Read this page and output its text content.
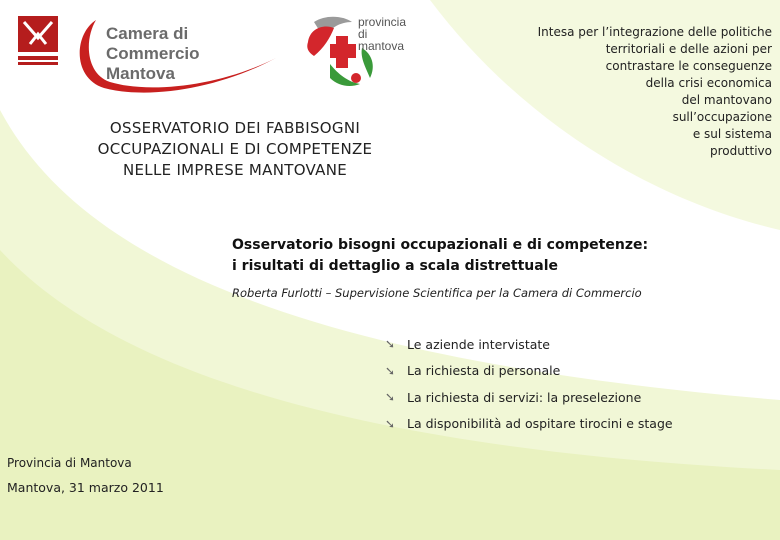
Camera di Commercio
Mantova
provincia
di mantova
Intesa per l’integrazione delle politiche
territoriali e delle azioni per
contrastare le conseguenze
della crisi economica
del mantovano
sull’occupazione
e sul sistema
produttivo
OSSERVATORIO DEI FABBISOGNI
OCCUPAZIONALI E DI COMPETENZE
NELLE IMPRESE MANTOVANE
Osservatorio bisogni occupazionali e di competenze:
i risultati di dettaglio a scala distrettuale
Roberta Furlotti – Supervisione Scientifica per la Camera di Commercio
➘ Le aziende intervistate
➘ La richiesta di personale
➘ La richiesta di servizi: la preselezione
➘ La disponibilità ad ospitare tirocini e stage
Provincia di Mantova
Mantova, 31 marzo 2011
